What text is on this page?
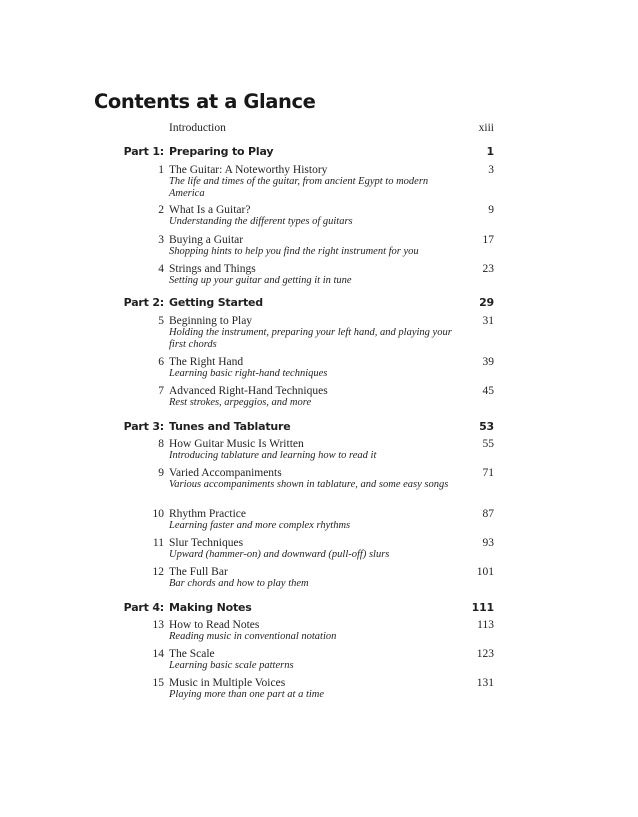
Contents at a Glance
Introduction	xiii
Part 1: Preparing to Play	1
1 The Guitar: A Noteworthy History	3
The life and times of the guitar, from ancient Egypt to modern America
2 What Is a Guitar?	9
Understanding the different types of guitars
3 Buying a Guitar	17
Shopping hints to help you find the right instrument for you
4 Strings and Things	23
Setting up your guitar and getting it in tune
Part 2: Getting Started	29
5 Beginning to Play	31
Holding the instrument, preparing your left hand, and playing your first chords
6 The Right Hand	39
Learning basic right-hand techniques
7 Advanced Right-Hand Techniques	45
Rest strokes, arpeggios, and more
Part 3: Tunes and Tablature	53
8 How Guitar Music Is Written	55
Introducing tablature and learning how to read it
9 Varied Accompaniments	71
Various accompaniments shown in tablature, and some easy songs
10 Rhythm Practice	87
Learning faster and more complex rhythms
11 Slur Techniques	93
Upward (hammer-on) and downward (pull-off) slurs
12 The Full Bar	101
Bar chords and how to play them
Part 4: Making Notes	111
13 How to Read Notes	113
Reading music in conventional notation
14 The Scale	123
Learning basic scale patterns
15 Music in Multiple Voices	131
Playing more than one part at a time
